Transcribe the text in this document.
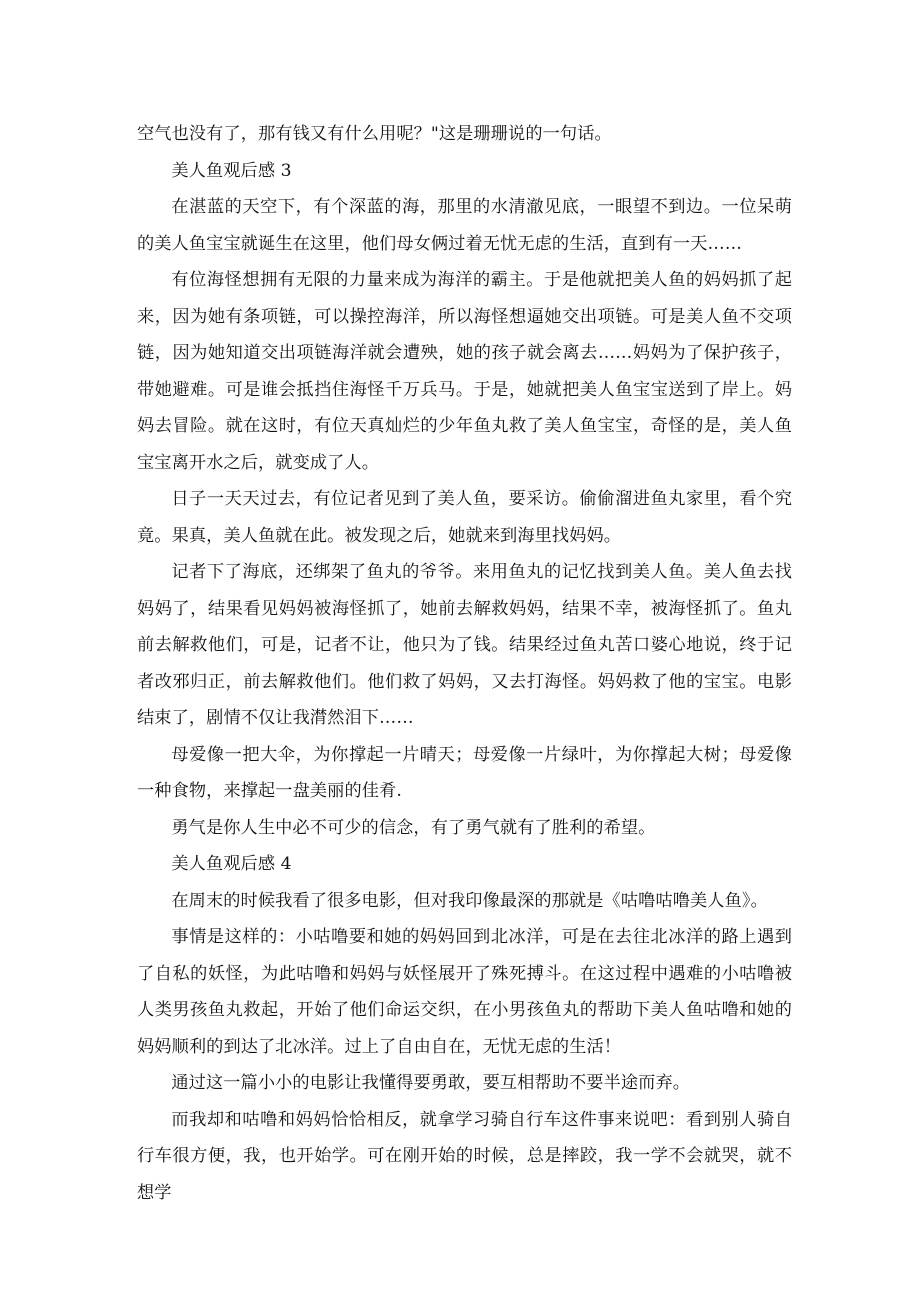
空气也没有了，那有钱又有什么用呢？"这是珊珊说的一句话。

美人鱼观后感 3

在湛蓝的天空下，有个深蓝的海，那里的水清澈见底，一眼望不到边。一位呆萌的美人鱼宝宝就诞生在这里，他们母女俩过着无忧无虑的生活，直到有一天……

有位海怪想拥有无限的力量来成为海洋的霸主。于是他就把美人鱼的妈妈抓了起来，因为她有条项链，可以操控海洋，所以海怪想逼她交出项链。可是美人鱼不交项链，因为她知道交出项链海洋就会遭殃，她的孩子就会离去……妈妈为了保护孩子，带她避难。可是谁会抵挡住海怪千万兵马。于是，她就把美人鱼宝宝送到了岸上。妈妈去冒险。就在这时，有位天真灿烂的少年鱼丸救了美人鱼宝宝，奇怪的是，美人鱼宝宝离开水之后，就变成了人。

日子一天天过去，有位记者见到了美人鱼，要采访。偷偷溜进鱼丸家里，看个究竟。果真，美人鱼就在此。被发现之后，她就来到海里找妈妈。

记者下了海底，还绑架了鱼丸的爷爷。来用鱼丸的记忆找到美人鱼。美人鱼去找妈妈了，结果看见妈妈被海怪抓了，她前去解救妈妈，结果不幸，被海怪抓了。鱼丸前去解救他们，可是，记者不让，他只为了钱。结果经过鱼丸苦口婆心地说，终于记者改邪归正，前去解救他们。他们救了妈妈，又去打海怪。妈妈救了他的宝宝。电影结束了，剧情不仅让我潸然泪下……

母爱像一把大伞，为你撑起一片晴天；母爱像一片绿叶，为你撑起大树；母爱像一种食物，来撑起一盘美丽的佳肴.

勇气是你人生中必不可少的信念，有了勇气就有了胜利的希望。

美人鱼观后感 4

在周末的时候我看了很多电影，但对我印像最深的那就是《咕噜咕噜美人鱼》。

事情是这样的：小咕噜要和她的妈妈回到北冰洋，可是在去往北冰洋的路上遇到了自私的妖怪，为此咕噜和妈妈与妖怪展开了殊死搏斗。在这过程中遇难的小咕噜被人类男孩鱼丸救起，开始了他们命运交织，在小男孩鱼丸的帮助下美人鱼咕噜和她的妈妈顺利的到达了北冰洋。过上了自由自在，无忧无虑的生活！

通过这一篇小小的电影让我懂得要勇敢，要互相帮助不要半途而弃。

而我却和咕噜和妈妈恰恰相反，就拿学习骑自行车这件事来说吧：看到别人骑自行车很方便，我，也开始学。可在刚开始的时候，总是摔跤，我一学不会就哭，就不想学
